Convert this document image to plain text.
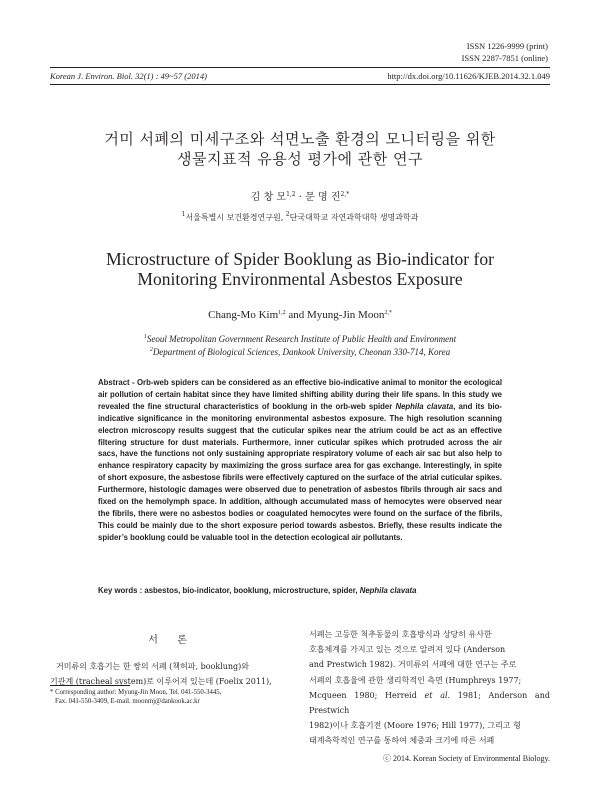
ISSN 1226-9999 (print)
ISSN 2287-7851 (online)
Korean J. Environ. Biol. 32(1) : 49~57 (2014)	http://dx.doi.org/10.11626/KJEB.2014.32.1.049
거미 서폐의 미세구조와 석면노출 환경의 모니터링을 위한
생물지표적 유용성 평가에 관한 연구
김 창 모$^{1,2}$ · 문 명 진$^{2,*}$
$^1$서울특별시 보건환경연구원, $^2$단국대학교 자연과학대학 생명과학과
Microstructure of Spider Booklung as Bio-indicator for
Monitoring Environmental Asbestos Exposure
Chang-Mo Kim$^{1,2}$ and Myung-Jin Moon$^{2,*}$
$^1$Seoul Metropolitan Government Research Institute of Public Health and Environment
$^2$Department of Biological Sciences, Dankook University, Cheonan 330-714, Korea
Abstract - Orb-web spiders can be considered as an effective bio-indicative animal to monitor the ecological air pollution of certain habitat since they have limited shifting ability during their life spans. In this study we revealed the fine structural characteristics of booklung in the orb-web spider Nephila clavata, and its bio-indicative significance in the monitoring environmental asbestos exposure. The high resolution scanning electron microscopy results suggest that the cuticular spikes near the atrium could be act as an effective filtering structure for dust materials. Furthermore, inner cuticular spikes which protruded across the air sacs, have the functions not only sustaining appropriate respiratory volume of each air sac but also help to enhance respiratory capacity by maximizing the gross surface area for gas exchange. Interestingly, in spite of short exposure, the asbestose fibrils were effectively captured on the surface of the atrial cuticular spikes. Furthermore, histologic damages were observed due to penetration of asbestos fibrils through air sacs and fixed on the hemolymph space. In addition, although accumulated mass of hemocytes were observed near the fibrils, there were no asbestos bodies or coagulated hemocytes were found on the surface of the fibrils, This could be mainly due to the short exposure period towards asbestos. Briefly, these results indicate the spider’s booklung could be valuable tool in the detection ecological air pollutants.
Key words : asbestos, bio-indicator, booklung, microstructure, spider, Nephila clavata
서 론
거미류의 호흡기는 한 쌍의 서폐 (책허파, booklung)와
기관계 (tracheal system)로 이루어져 있는데 (Foelix 2011),
서폐는 고등한 척추동물의 호흡방식과 상당히 유사한
호흡체계를 가지고 있는 것으로 알려져 있다 (Anderson
and Prestwich 1982). 거미류의 서폐에 대한 연구는 주로
서폐의 호흡율에 관한 생리학적인 측면 (Humphreys 1977;
Mcqueen 1980; Herreid et al. 1981; Anderson and Prestwich
1982)이나 호흡기전 (Moore 1976; Hill 1977), 그리고 형
태계측학적인 연구를 통하여 체중과 크기에 따른 서폐
* Corresponding author: Myung-Jin Moon, Tel. 041-550-3445,
Fax. 041-550-3409, E-mail. moonmj@dankook.ac.kr
ⓒ 2014. Korean Society of Environmental Biology.
